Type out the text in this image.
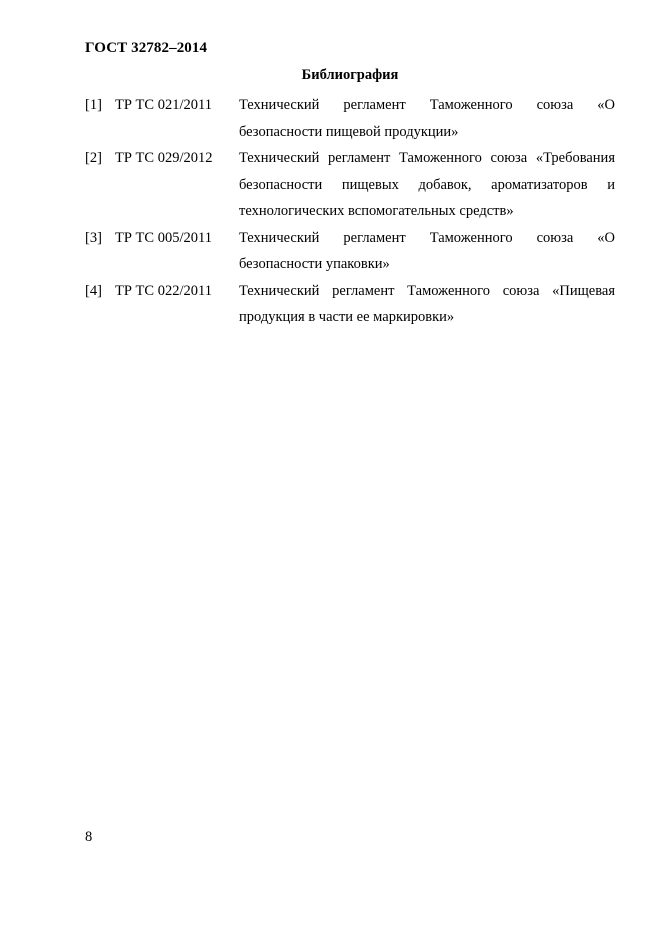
ГОСТ 32782–2014
Библиография
[1] ТР ТС 021/2011	Технический регламент Таможенного союза «О безопасности пищевой продукции»
[2] ТР ТС 029/2012	Технический регламент Таможенного союза «Требования безопасности пищевых добавок, ароматизаторов и технологических вспомогательных средств»
[3] ТР ТС 005/2011	Технический регламент Таможенного союза «О безопасности упаковки»
[4] ТР ТС 022/2011	Технический регламент Таможенного союза «Пищевая продукция в части ее маркировки»
8
